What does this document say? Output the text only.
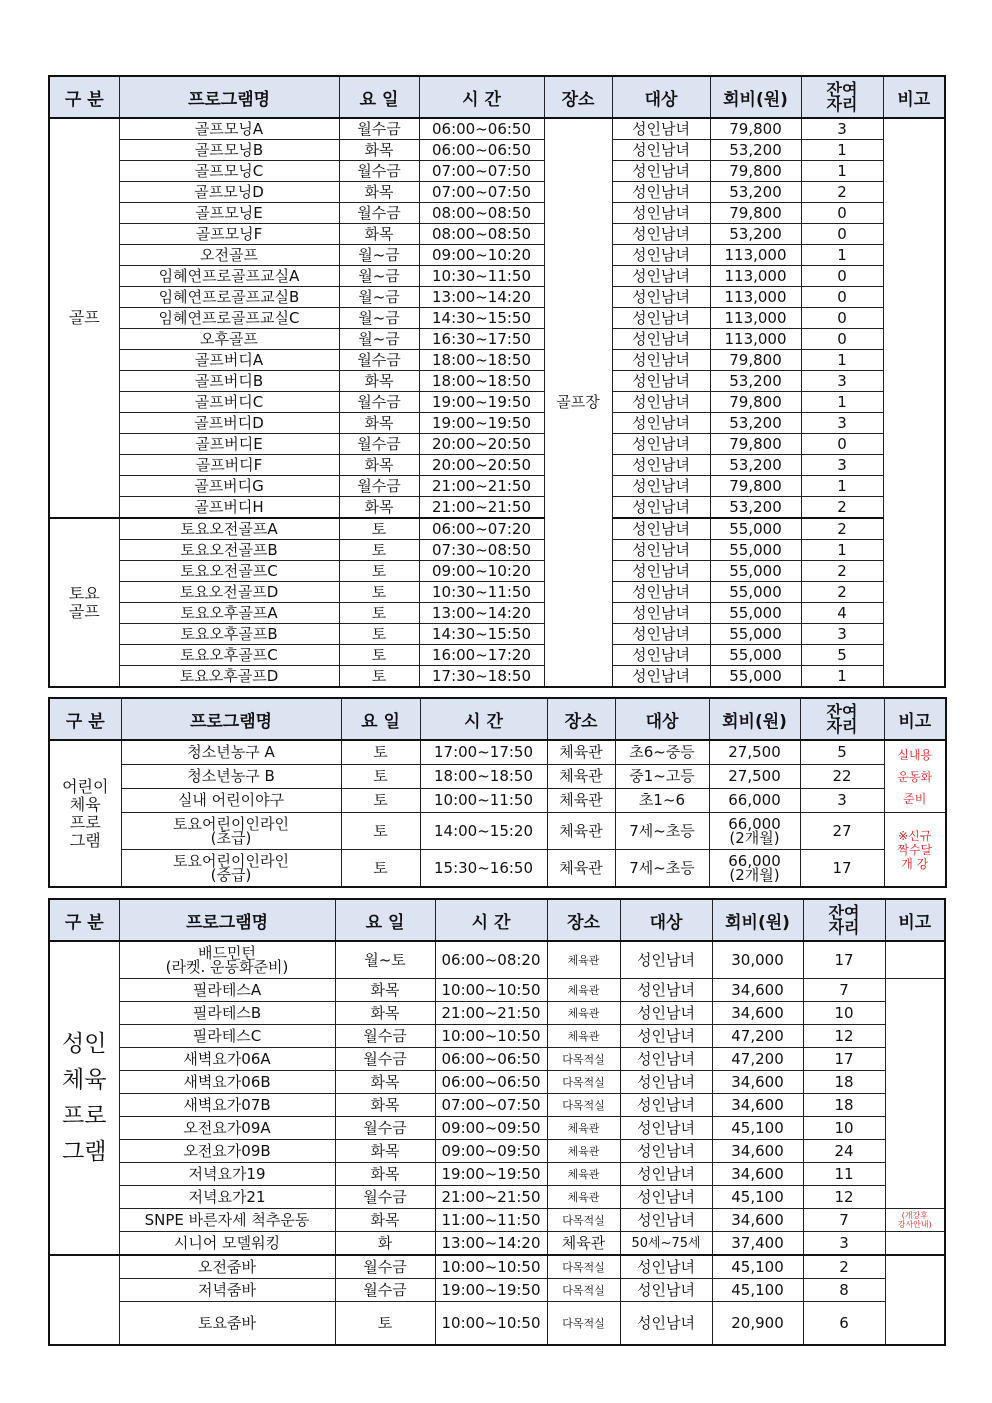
구 분	프로그램명	요 일	시 간	장소	대상	회비(원)	잔여
자리	비고
골프	골프모닝A	월수금	06:00~06:50	골프장	성인남녀	79,800	3	
	골프모닝B	화목	06:00~06:50		성인남녀	53,200	1	
	골프모닝C	월수금	07:00~07:50		성인남녀	79,800	1	
	골프모닝D	화목	07:00~07:50		성인남녀	53,200	2	
	골프모닝E	월수금	08:00~08:50		성인남녀	79,800	0	
	골프모닝F	화목	08:00~08:50		성인남녀	53,200	0	
	오전골프	월~금	09:00~10:20		성인남녀	113,000	1	
	임혜연프로골프교실A	월~금	10:30~11:50		성인남녀	113,000	0	
	임혜연프로골프교실B	월~금	13:00~14:20		성인남녀	113,000	0	
	임혜연프로골프교실C	월~금	14:30~15:50		성인남녀	113,000	0	
	오후골프	월~금	16:30~17:50		성인남녀	113,000	0	
	골프버디A	월수금	18:00~18:50		성인남녀	79,800	1	
	골프버디B	화목	18:00~18:50		성인남녀	53,200	3	
	골프버디C	월수금	19:00~19:50		성인남녀	79,800	1	
	골프버디D	화목	19:00~19:50		성인남녀	53,200	3	
	골프버디E	월수금	20:00~20:50		성인남녀	79,800	0	
	골프버디F	화목	20:00~20:50		성인남녀	53,200	3	
	골프버디G	월수금	21:00~21:50		성인남녀	79,800	1	
	골프버디H	화목	21:00~21:50		성인남녀	53,200	2	
토요
골프	토요오전골프A	토	06:00~07:20		성인남녀	55,000	2	
	토요오전골프B	토	07:30~08:50		성인남녀	55,000	1	
	토요오전골프C	토	09:00~10:20		성인남녀	55,000	2	
	토요오전골프D	토	10:30~11:50		성인남녀	55,000	2	
	토요오후골프A	토	13:00~14:20		성인남녀	55,000	4	
	토요오후골프B	토	14:30~15:50		성인남녀	55,000	3	
	토요오후골프C	토	16:00~17:20		성인남녀	55,000	5	
	토요오후골프D	토	17:30~18:50		성인남녀	55,000	1	
구 분	프로그램명	요 일	시 간	장소	대상	회비(원)	잔여
자리	비고
어린이
체육
프로
그램	청소년농구 A	토	17:00~17:50	체육관	초6~중등	27,500	5	실내용
운동화
준비
	청소년농구 B	토	18:00~18:50	체육관	중1~고등	27,500	22	
	실내 어린이야구	토	10:00~11:50	체육관	초1~6	66,000	3	
	토요어린이인라인
(초급)	토	14:00~15:20	체육관	7세~초등	66,000
(2개월)	27	※신규
짝수달
개 강
	토요어린이인라인
(중급)	토	15:30~16:50	체육관	7세~초등	66,000
(2개월)	17	
구 분	프로그램명	요 일	시 간	장소	대상	회비(원)	잔여
자리	비고
성인
체육
프로
그램	배드민턴
(라켓. 운동화준비)	월~토	06:00~08:20	체육관	성인남녀	30,000	17	
	필라테스A	화목	10:00~10:50	체육관	성인남녀	34,600	7	
	필라테스B	화목	21:00~21:50	체육관	성인남녀	34,600	10	
	필라테스C	월수금	10:00~10:50	체육관	성인남녀	47,200	12	
	새벽요가06A	월수금	06:00~06:50	다목적실	성인남녀	47,200	17	
	새벽요가06B	화목	06:00~06:50	다목적실	성인남녀	34,600	18	
	새벽요가07B	화목	07:00~07:50	다목적실	성인남녀	34,600	18	
	오전요가09A	월수금	09:00~09:50	체육관	성인남녀	45,100	10	
	오전요가09B	화목	09:00~09:50	체육관	성인남녀	34,600	24	
	저녁요가19	화목	19:00~19:50	체육관	성인남녀	34,600	11	
	저녁요가21	월수금	21:00~21:50	체육관	성인남녀	45,100	12	
	SNPE 바른자세 척추운동	화목	11:00~11:50	다목적실	성인남녀	34,600	7	(개강후
강사안내)
	시니어 모델워킹	화	13:00~14:20	체육관	50세~75세	37,400	3	
	오전줌바	월수금	10:00~10:50	다목적실	성인남녀	45,100	2	
	저녁줌바	월수금	19:00~19:50	다목적실	성인남녀	45,100	8	
	토요줌바	토	10:00~10:50	다목적실	성인남녀	20,900	6	
